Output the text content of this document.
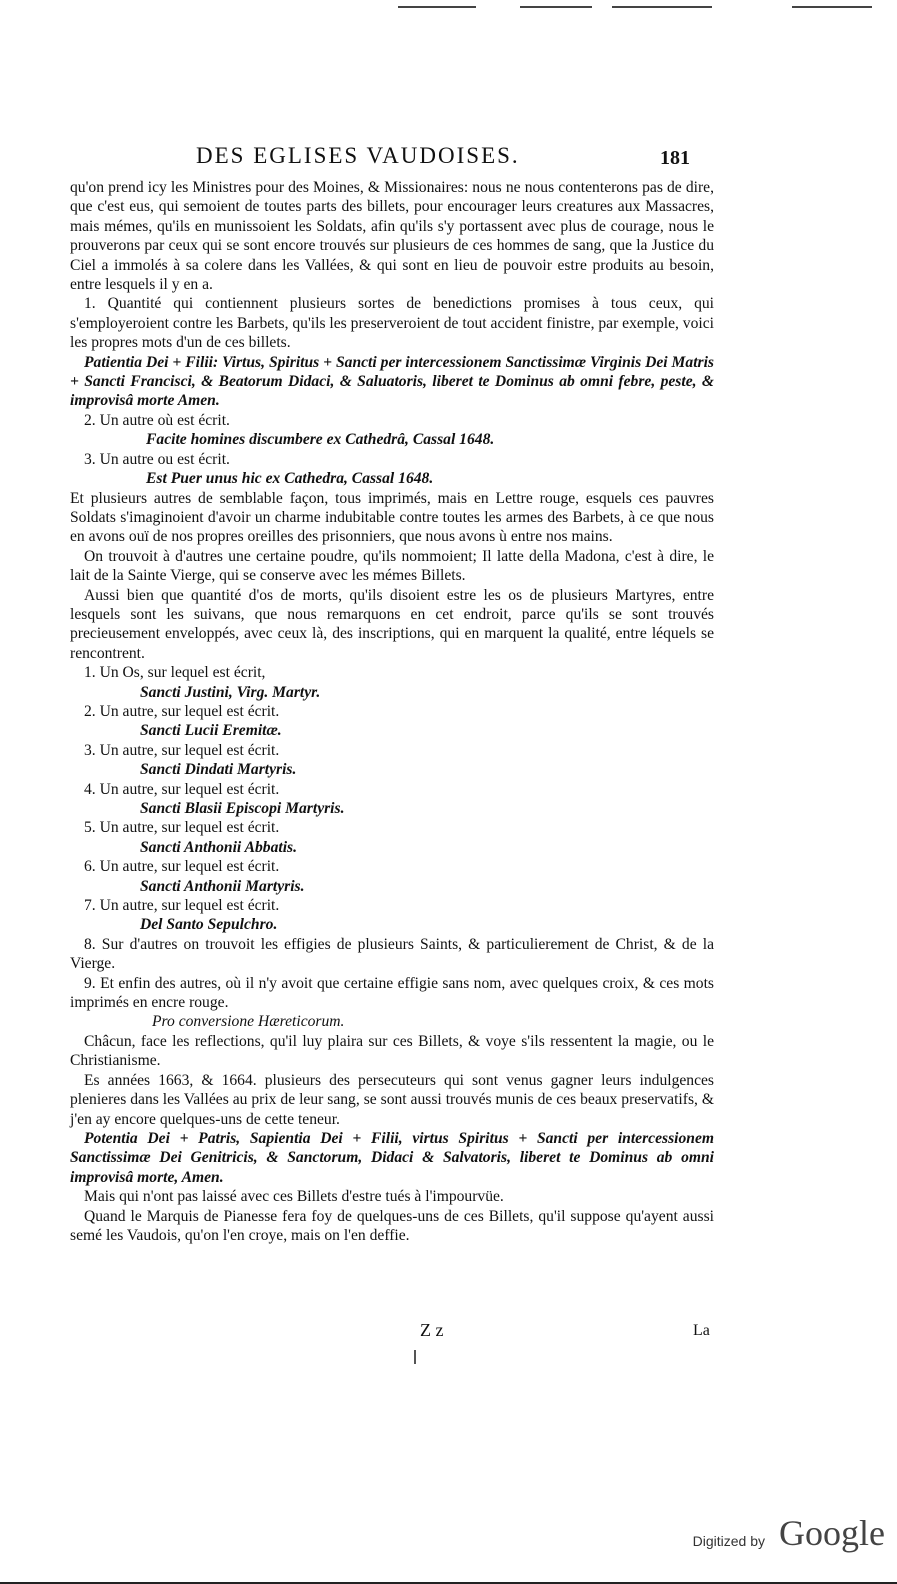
DES EGLISES VAUDOISES.	181

qu'on prend icy les Ministres pour des Moines, & Missionaires: nous ne nous contenterons pas de dire, que c'est eus, qui semoient de toutes parts des billets, pour encourager leurs creatures aux Massacres, mais mémes, qu'ils en munissoient les Soldats, afin qu'ils s'y portassent avec plus de courage, nous le prouverons par ceux qui se sont encore trouvés sur plusieurs de ces hommes de sang, que la Justice du Ciel a immolés à sa colere dans les Vallées, & qui sont en lieu de pouvoir estre produits au besoin, entre lesquels il y en a.

1. Quantité qui contiennent plusieurs sortes de benedictions promises à tous ceux, qui s'employeroient contre les Barbets, qu'ils les preserveroient de tout accident finistre, par exemple, voici les propres mots d'un de ces billets.

Patientia Dei + Filii: Virtus, Spiritus + Sancti per intercessionem Sanctissimæ Virginis Dei Matris + Sancti Francisci, & Beatorum Didaci, & Saluatoris, liberet te Dominus ab omni febre, peste, & improvisâ morte Amen.

2. Un autre où est écrit.

Facite homines discumbere ex Cathedrâ, Cassal 1648.

3. Un autre ou est écrit.

Est Puer unus hic ex Cathedra, Cassal 1648.

Et plusieurs autres de semblable façon, tous imprimés, mais en Lettre rouge, esquels ces pauvres Soldats s'imaginoient d'avoir un charme indubitable contre toutes les armes des Barbets, à ce que nous en avons ouï de nos propres oreilles des prisonniers, que nous avons ù entre nos mains.

On trouvoit à d'autres une certaine poudre, qu'ils nommoient; Il latte della Madona, c'est à dire, le lait de la Sainte Vierge, qui se conserve avec les mémes Billets.

Aussi bien que quantité d'os de morts, qu'ils disoient estre les os de plusieurs Martyres, entre lesquels sont les suivans, que nous remarquons en cet endroit, parce qu'ils se sont trouvés precieusement enveloppés, avec ceux là, des inscriptions, qui en marquent la qualité, entre léquels se rencontrent.

1. Un Os, sur lequel est écrit,

Sancti Justini, Virg. Martyr.

2. Un autre, sur lequel est écrit.

Sancti Lucii Eremitæ.

3. Un autre, sur lequel est écrit.

Sancti Dindati Martyris.

4. Un autre, sur lequel est écrit.

Sancti Blasii Episcopi Martyris.

5. Un autre, sur lequel est écrit.

Sancti Anthonii Abbatis.

6. Un autre, sur lequel est écrit.

Sancti Anthonii Martyris.

7. Un autre, sur lequel est écrit.

Del Santo Sepulchro.

8. Sur d'autres on trouvoit les effigies de plusieurs Saints, & particulierement de Christ, & de la Vierge.

9. Et enfin des autres, où il n'y avoit que certaine effigie sans nom, avec quelques croix, & ces mots imprimés en encre rouge.

Pro conversione Hæreticorum.

Châcun, face les reflections, qu'il luy plaira sur ces Billets, & voye s'ils ressentent la magie, ou le Christianisme.

Es années 1663, & 1664. plusieurs des persecuteurs qui sont venus gagner leurs indulgences plenieres dans les Vallées au prix de leur sang, se sont aussi trouvés munis de ces beaux preservatifs, & j'en ay encore quelques-uns de cette teneur.

Potentia Dei + Patris, Sapientia Dei + Filii, virtus Spiritus + Sancti per intercessionem Sanctissimæ Dei Genitricis, & Sanctorum, Didaci & Salvatoris, liberet te Dominus ab omni improvisâ morte, Amen.

Mais qui n'ont pas laissé avec ces Billets d'estre tués à l'impourvüe.

Quand le Marquis de Pianesse fera foy de quelques-uns de ces Billets, qu'il suppose qu'ayent aussi semé les Vaudois, qu'on l'en croye, mais on l'en deffie.

Z z	La
Digitized by Google
